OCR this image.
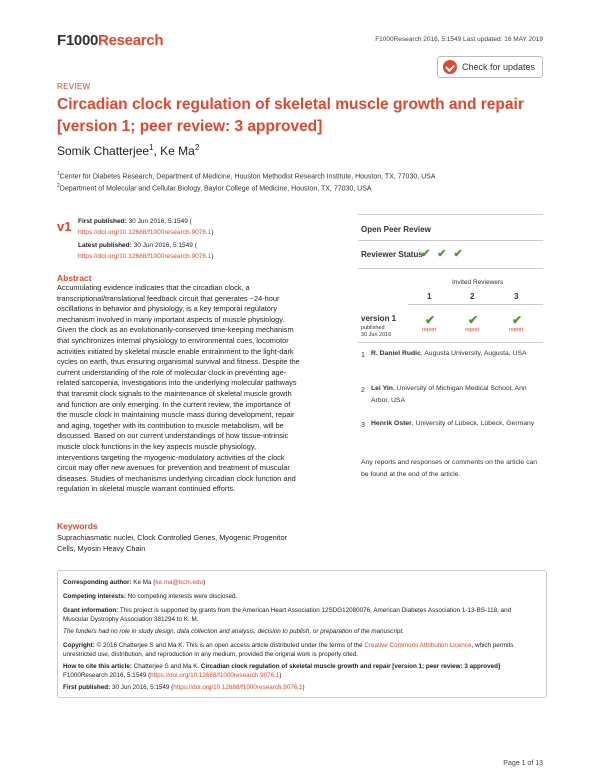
F1000Research	F1000Research 2016, 5:1549 Last updated: 16 MAY 2019
Check for updates
REVIEW
Circadian clock regulation of skeletal muscle growth and repair [version 1; peer review: 3 approved]
Somik Chatterjee$^1$, Ke Ma$^2$
$^1$Center for Diabetes Research, Department of Medicine, Houston Methodist Research Institute, Houston, TX, 77030, USA
$^2$Department of Molecular and Cellular Biology, Baylor College of Medicine, Houston, TX, 77030, USA
v1 First published: 30 Jun 2016, 5:1549 (
https://doi.org/10.12688/f1000research.9076.1)
Latest published: 30 Jun 2016, 5:1549 (
https://doi.org/10.12688/f1000research.9076.1)
Abstract
Accumulating evidence indicates that the circadian clock, a transcriptional/translational feedback circuit that generates ~24-hour oscillations in behavior and physiology, is a key temporal regulatory mechanism involved in many important aspects of muscle physiology. Given the clock as an evolutionarily-conserved time-keeping mechanism that synchronizes internal physiology to environmental cues, locomotor activities initiated by skeletal muscle enable entrainment to the light-dark cycles on earth, thus ensuring organismal survival and fitness. Despite the current understanding of the role of molecular clock in preventing age-related sarcopenia, investigations into the underlying molecular pathways that transmit clock signals to the maintenance of skeletal muscle growth and function are only emerging. In the current review, the importance of the muscle clock in maintaining muscle mass during development, repair and aging, together with its contribution to muscle metabolism, will be discussed. Based on our current understandings of how tissue-intrinsic muscle clock functions in the key aspects muscle physiology, interventions targeting the myogenic-modulatory activities of the clock circuit may offer new avenues for prevention and treatment of muscular diseases. Studies of mechanisms underlying circadian clock function and regulation in skeletal muscle warrant continued efforts.
Keywords
Suprachiasmatic nuclei, Clock Controlled Genes, Myogenic Progenitor Cells, Myosin Heavy Chain
Open Peer Review
Reviewer Status
✔ ✔ ✔
Invited Reviewers
1	2	3
version 1
published
30 Jun 2016
✔	✔	✔
report	report	report
1 R. Daniel Rudic, Augusta University, Augusta, USA
2 Lei Yin, University of Michigan Medical School, Ann Arbor, USA
3 Henrik Oster, University of Lübeck, Lübeck, Germany
Any reports and responses or comments on the article can be found at the end of the article.
Corresponding author: Ke Ma (ke.ma@bcm.edu)
Competing interests: No competing interests were disclosed.
Grant information: This project is supported by grants from the American Heart Association 12SDG12080076, American Diabetes Association 1-13-BS-118, and Muscular Dystrophy Association 381294 to K. M.
The funders had no role in study design, data collection and analysis, decision to publish, or preparation of the manuscript.
Copyright: © 2016 Chatterjee S and Ma K. This is an open access article distributed under the terms of the Creative Commons Attribution Licence, which permits unrestricted use, distribution, and reproduction in any medium, provided the original work is properly cited.
How to cite this article: Chatterjee S and Ma K. Circadian clock regulation of skeletal muscle growth and repair [version 1; peer review: 3 approved] F1000Research 2016, 5:1549 (https://doi.org/10.12688/f1000research.9076.1)
First published: 30 Jun 2016, 5:1549 (https://doi.org/10.12688/f1000research.9076.1)
Page 1 of 13
